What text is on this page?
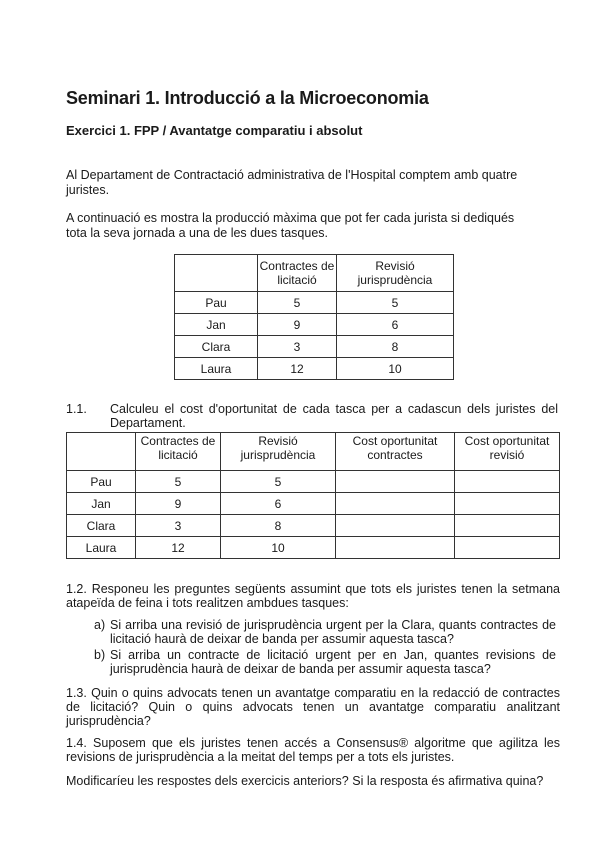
Seminari 1. Introducció a la Microeconomia
Exercici 1. FPP / Avantatge comparatiu i absolut
Al Departament de Contractació administrativa de l'Hospital comptem amb quatre juristes.
A continuació es mostra la producció màxima que pot fer cada jurista si dediqués tota la seva jornada a una de les dues tasques.
	Contractes de licitació	Revisió jurisprudència
Pau	5	5
Jan	9	6
Clara	3	8
Laura	12	10
1.1. Calculeu el cost d'oportunitat de cada tasca per a cadascun dels juristes del Departament.
	Contractes de licitació	Revisió jurisprudència	Cost oportunitat contractes	Cost oportunitat revisió
Pau	5	5		
Jan	9	6		
Clara	3	8		
Laura	12	10		
1.2. Responeu les preguntes següents assumint que tots els juristes tenen la setmana atapeïda de feina i tots realitzen ambdues tasques:
a) Si arriba una revisió de jurisprudència urgent per la Clara, quants contractes de licitació haurà de deixar de banda per assumir aquesta tasca?
b) Si arriba un contracte de licitació urgent per en Jan, quantes revisions de jurisprudència haurà de deixar de banda per assumir aquesta tasca?
1.3. Quin o quins advocats tenen un avantatge comparatiu en la redacció de contractes de licitació? Quin o quins advocats tenen un avantatge comparatiu analitzant jurisprudència?
1.4. Suposem que els juristes tenen accés a Consensus® algoritme que agilitza les revisions de jurisprudència a la meitat del temps per a tots els juristes.
Modificaríeu les respostes dels exercicis anteriors? Si la resposta és afirmativa quina?
